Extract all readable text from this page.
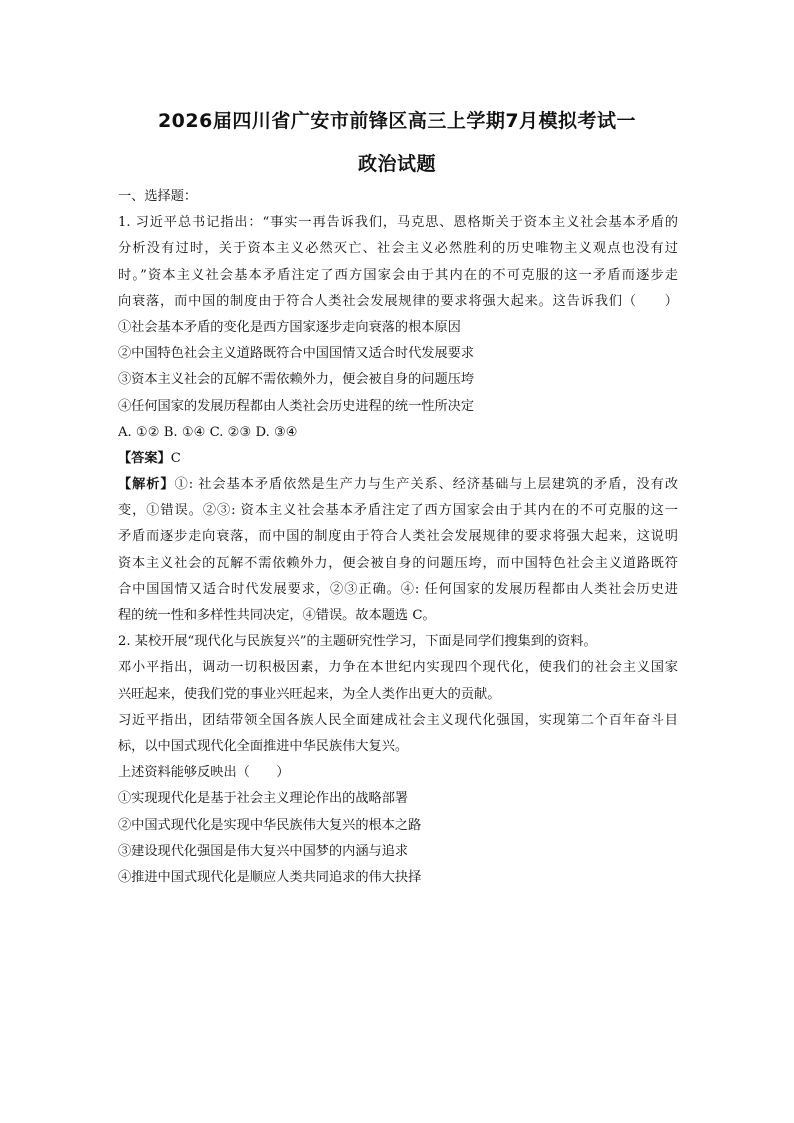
2026届四川省广安市前锋区高三上学期7月模拟考试一
政治试题
一、选择题：
1. 习近平总书记指出：“事实一再告诉我们，马克思、恩格斯关于资本主义社会基本矛盾的
分析没有过时，关于资本主义必然灭亡、社会主义必然胜利的历史唯物主义观点也没有过
时。”资本主义社会基本矛盾注定了西方国家会由于其内在的不可克服的这一矛盾而逐步走
向衰落，而中国的制度由于符合人类社会发展规律的要求将强大起来。这告诉我们（　　）
①社会基本矛盾的变化是西方国家逐步走向衰落的根本原因
②中国特色社会主义道路既符合中国国情又适合时代发展要求
③资本主义社会的瓦解不需依赖外力，便会被自身的问题压垮
④任何国家的发展历程都由人类社会历史进程的统一性所决定
A. ①② B. ①④ C. ②③ D. ③④
【答案】C
【解析】①: 社会基本矛盾依然是生产力与生产关系、经济基础与上层建筑的矛盾，没有改
变，①错误。②③: 资本主义社会基本矛盾注定了西方国家会由于其内在的不可克服的这一
矛盾而逐步走向衰落，而中国的制度由于符合人类社会发展规律的要求将强大起来，这说明
资本主义社会的瓦解不需依赖外力，便会被自身的问题压垮，而中国特色社会主义道路既符
合中国国情又适合时代发展要求，②③正确。④: 任何国家的发展历程都由人类社会历史进
程的统一性和多样性共同决定，④错误。故本题选 C。
2. 某校开展“现代化与民族复兴”的主题研究性学习，下面是同学们搜集到的资料。
邓小平指出，调动一切积极因素，力争在本世纪内实现四个现代化，使我们的社会主义国家
兴旺起来，使我们党的事业兴旺起来，为全人类作出更大的贡献。
习近平指出，团结带领全国各族人民全面建成社会主义现代化强国，实现第二个百年奋斗目
标，以中国式现代化全面推进中华民族伟大复兴。
上述资料能够反映出（　　）
①实现现代化是基于社会主义理论作出的战略部署
②中国式现代化是实现中华民族伟大复兴的根本之路
③建设现代化强国是伟大复兴中国梦的内涵与追求
④推进中国式现代化是顺应人类共同追求的伟大抉择
